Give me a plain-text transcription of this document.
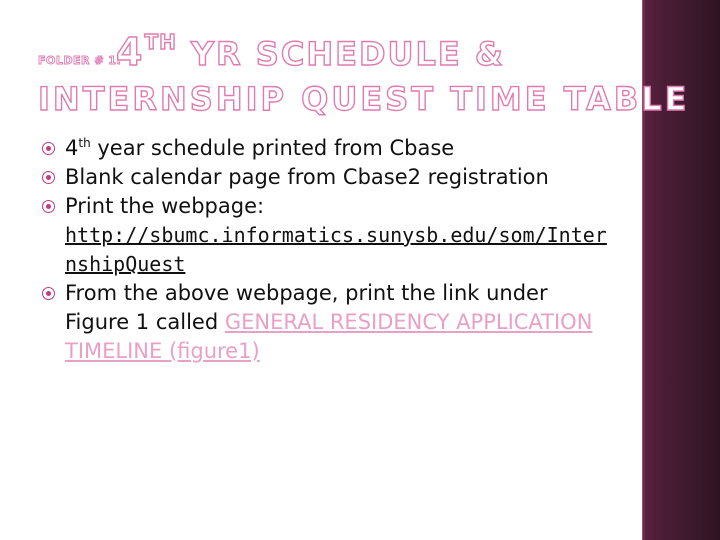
FOLDER # 1:
4TH YR SCHEDULE &
INTERNSHIP QUEST TIME TABLE
4th year schedule printed from Cbase
Blank calendar page from Cbase2 registration
Print the webpage:
http://sbumc.informatics.sunysb.edu/som/InternshipQuest
From the above webpage, print the link under Figure 1 called GENERAL RESIDENCY APPLICATION TIMELINE (figure1)
